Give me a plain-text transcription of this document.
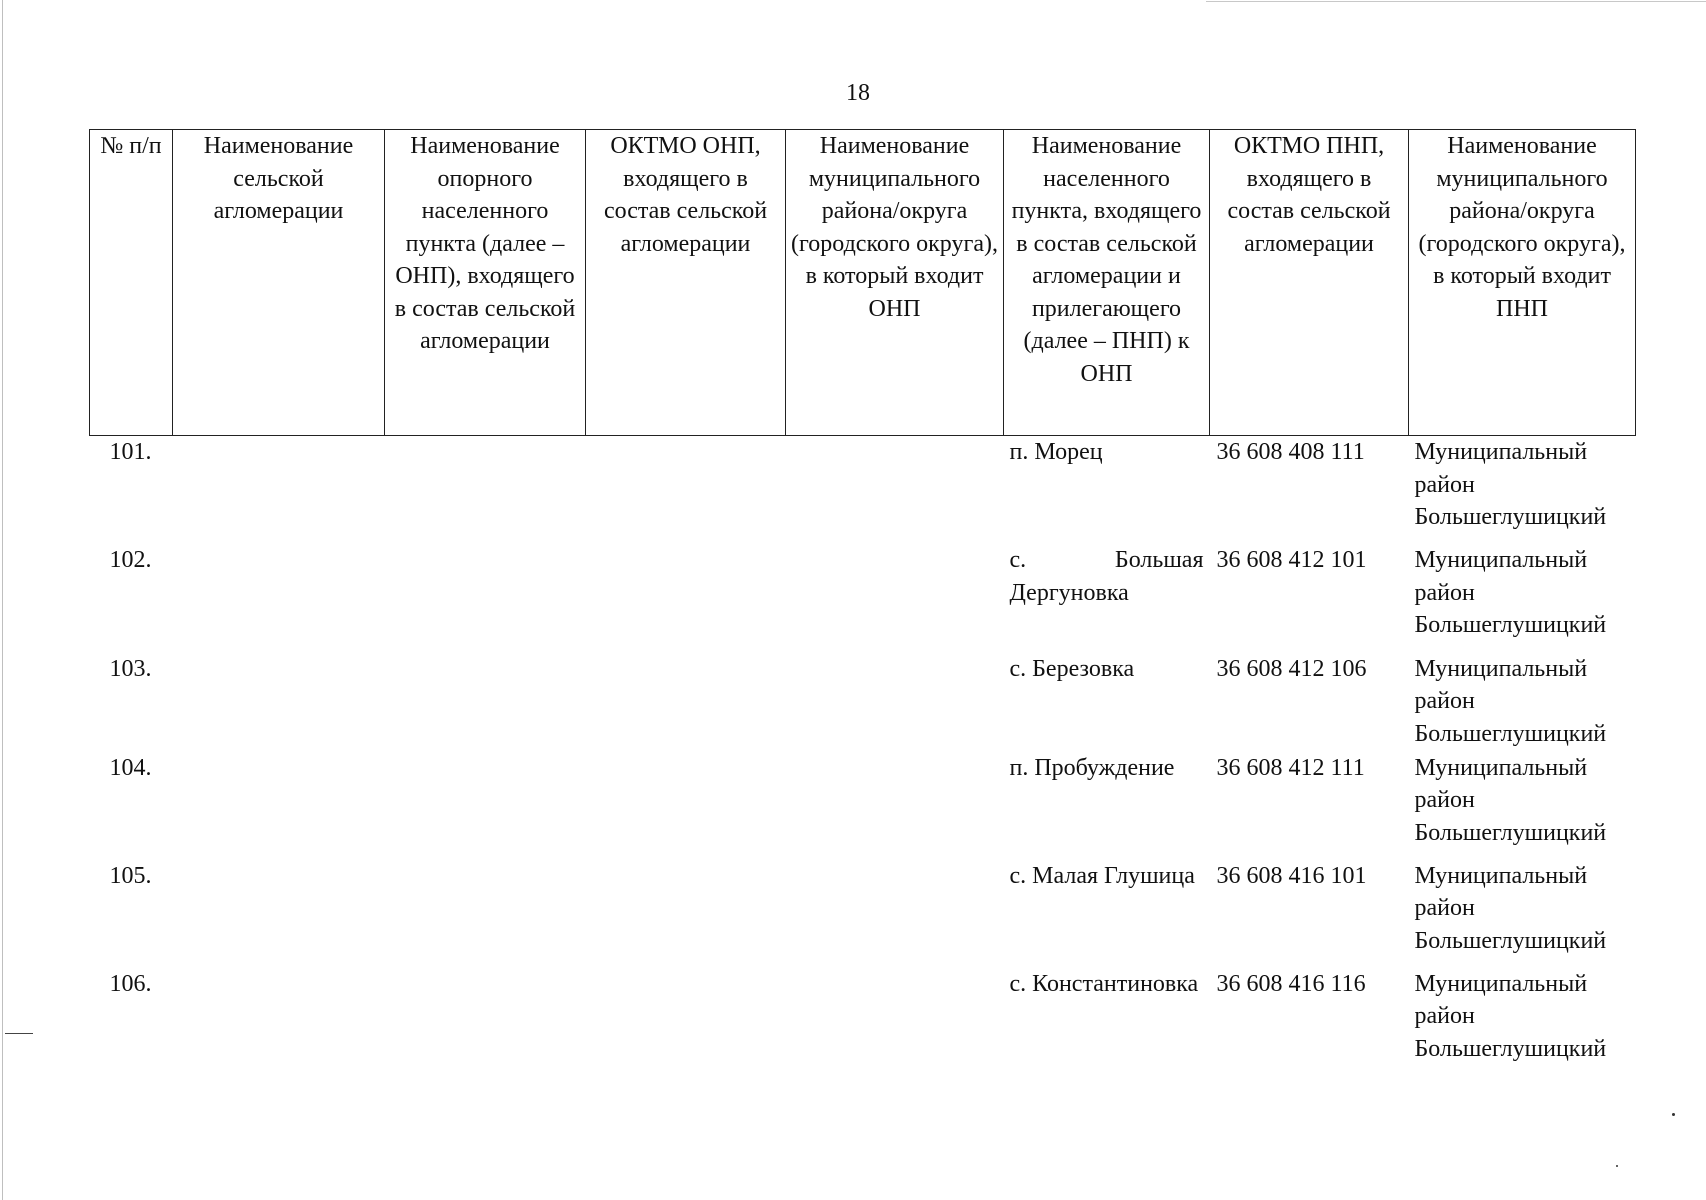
18
№ п/п	Наименование сельской агломерации	Наименование опорного населенного пункта (далее – ОНП), входящего в состав сельской агломерации	ОКТМО ОНП, входящего в состав сельской агломерации	Наименование муниципального района/округа (городского округа), в который входит ОНП	Наименование населенного пункта, входящего в состав сельской агломерации и прилегающего (далее – ПНП) к ОНП	ОКТМО ПНП, входящего в состав сельской агломерации	Наименование муниципального района/округа (городского округа), в который входит ПНП
101.					п. Морец	36 608 408 111	Муниципальный район Большеглушицкий
102.					с. Большая Дергуновка	36 608 412 101	Муниципальный район Большеглушицкий
103.					с. Березовка	36 608 412 106	Муниципальный район Большеглушицкий
104.					п. Пробуждение	36 608 412 111	Муниципальный район Большеглушицкий
105.					с. Малая Глушица	36 608 416 101	Муниципальный район Большеглушицкий
106.					с. Константиновка	36 608 416 116	Муниципальный район Большеглушицкий
